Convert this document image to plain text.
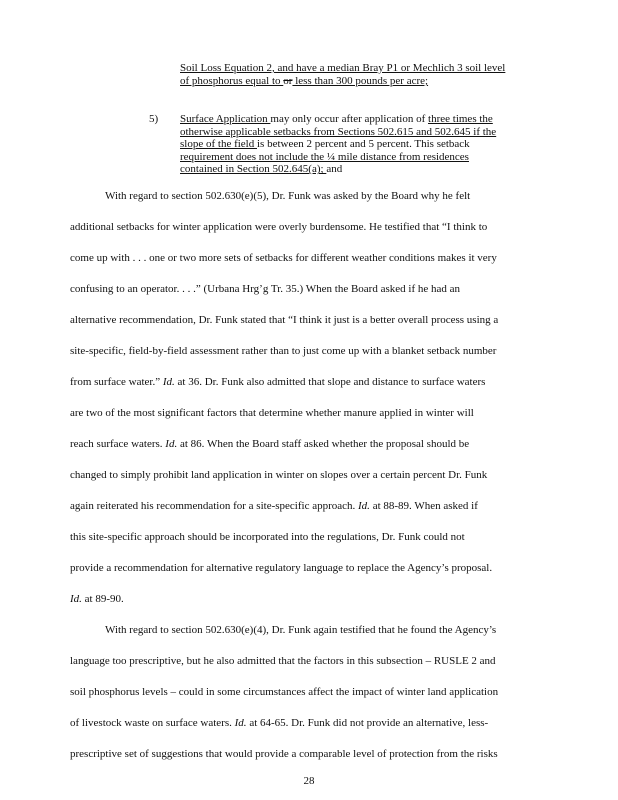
Soil Loss Equation 2, and have a median Bray P1 or Mechlich 3 soil level
of phosphorus equal to or less than 300 pounds per acre;
5) Surface Application may only occur after application of three times the
otherwise applicable setbacks from Sections 502.615 and 502.645 if the
slope of the field is between 2 percent and 5 percent. This setback
requirement does not include the ¼ mile distance from residences
contained in Section 502.645(a); and
With regard to section 502.630(e)(5), Dr. Funk was asked by the Board why he felt
additional setbacks for winter application were overly burdensome. He testified that “I think to
come up with . . . one or two more sets of setbacks for different weather conditions makes it very
confusing to an operator. . . .” (Urbana Hrg’g Tr. 35.) When the Board asked if he had an
alternative recommendation, Dr. Funk stated that “I think it just is a better overall process using a
site-specific, field-by-field assessment rather than to just come up with a blanket setback number
from surface water.” Id. at 36. Dr. Funk also admitted that slope and distance to surface waters
are two of the most significant factors that determine whether manure applied in winter will
reach surface waters. Id. at 86. When the Board staff asked whether the proposal should be
changed to simply prohibit land application in winter on slopes over a certain percent Dr. Funk
again reiterated his recommendation for a site-specific approach. Id. at 88-89. When asked if
this site-specific approach should be incorporated into the regulations, Dr. Funk could not
provide a recommendation for alternative regulatory language to replace the Agency’s proposal.
Id. at 89-90.
With regard to section 502.630(e)(4), Dr. Funk again testified that he found the Agency’s
language too prescriptive, but he also admitted that the factors in this subsection – RUSLE 2 and
soil phosphorus levels – could in some circumstances affect the impact of winter land application
of livestock waste on surface waters. Id. at 64-65. Dr. Funk did not provide an alternative, less-
prescriptive set of suggestions that would provide a comparable level of protection from the risks
28
